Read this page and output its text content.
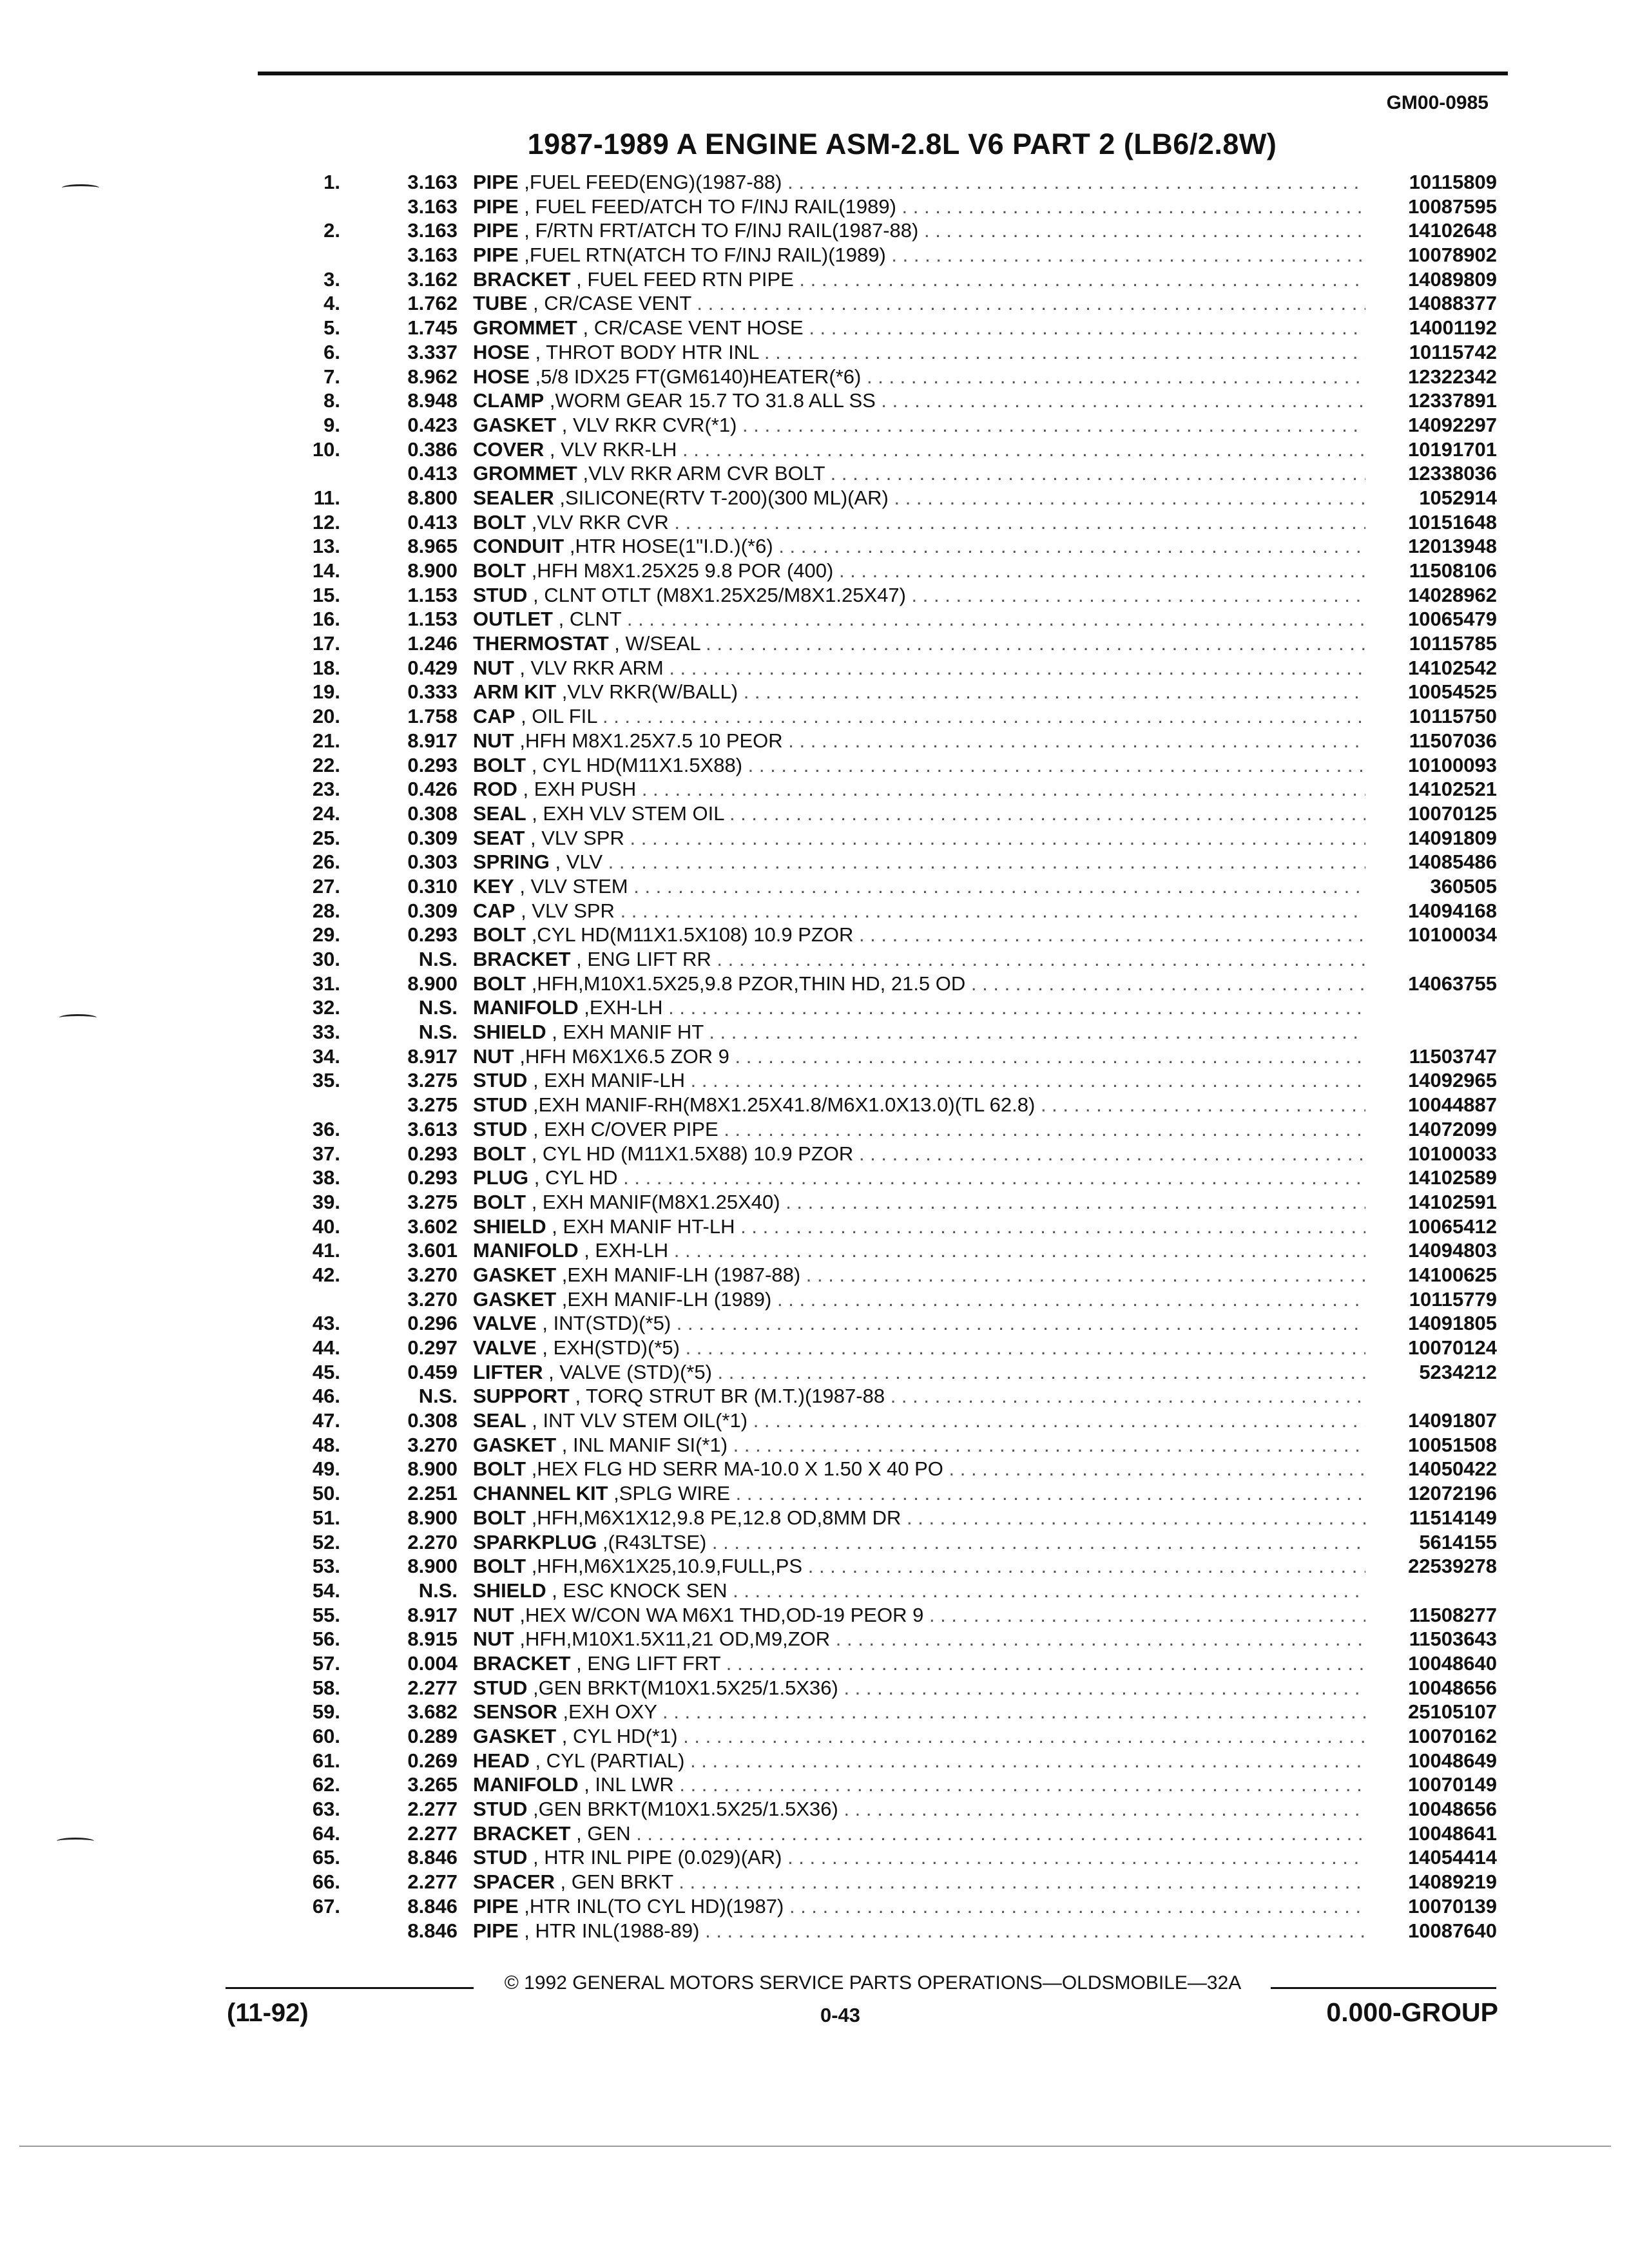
GM00-0985
1987-1989 A ENGINE ASM-2.8L V6 PART 2 (LB6/2.8W)
1.	3.163 PIPE ,FUEL FEED(ENG)(1987-88) . . .	10115809
3.163 PIPE , FUEL FEED/ATCH TO F/INJ RAIL(1989) . . .	10087595
2.	3.163 PIPE , F/RTN FRT/ATCH TO F/INJ RAIL(1987-88) . . .	14102648
3.163 PIPE ,FUEL RTN(ATCH TO F/INJ RAIL)(1989) . . .	10078902
3.	3.162 BRACKET , FUEL FEED RTN PIPE . . .	14089809
4.	1.762 TUBE , CR/CASE VENT . . .	14088377
5.	1.745 GROMMET , CR/CASE VENT HOSE . . .	14001192
6.	3.337 HOSE , THROT BODY HTR INL . . .	10115742
7.	8.962 HOSE ,5/8 IDX25 FT(GM6140)HEATER(*6) . . .	12322342
8.	8.948 CLAMP ,WORM GEAR 15.7 TO 31.8 ALL SS . . .	12337891
9.	0.423 GASKET , VLV RKR CVR(*1) . . .	14092297
10.	0.386 COVER , VLV RKR-LH . . .	10191701
0.413 GROMMET ,VLV RKR ARM CVR BOLT . . .	12338036
11.	8.800 SEALER ,SILICONE(RTV T-200)(300 ML)(AR) . . .	1052914
12.	0.413 BOLT ,VLV RKR CVR . . .	10151648
13.	8.965 CONDUIT ,HTR HOSE(1"I.D.)(*6) . . .	12013948
14.	8.900 BOLT ,HFH M8X1.25X25 9.8 POR (400) . . .	11508106
15.	1.153 STUD , CLNT OTLT (M8X1.25X25/M8X1.25X47) . . .	14028962
16.	1.153 OUTLET , CLNT . . .	10065479
17.	1.246 THERMOSTAT , W/SEAL . . .	10115785
18.	0.429 NUT , VLV RKR ARM . . .	14102542
19.	0.333 ARM KIT ,VLV RKR(W/BALL) . . .	10054525
20.	1.758 CAP , OIL FIL . . .	10115750
21.	8.917 NUT ,HFH M8X1.25X7.5 10 PEOR . . .	11507036
22.	0.293 BOLT , CYL HD(M11X1.5X88) . . .	10100093
23.	0.426 ROD , EXH PUSH . . .	14102521
24.	0.308 SEAL , EXH VLV STEM OIL . . .	10070125
25.	0.309 SEAT , VLV SPR . . .	14091809
26.	0.303 SPRING , VLV . . .	14085486
27.	0.310 KEY , VLV STEM . . .	360505
28.	0.309 CAP , VLV SPR . . .	14094168
29.	0.293 BOLT ,CYL HD(M11X1.5X108) 10.9 PZOR . . .	10100034
30.	N.S. BRACKET , ENG LIFT RR . . .
31.	8.900 BOLT ,HFH,M10X1.5X25,9.8 PZOR,THIN HD, 21.5 OD . . .	14063755
32.	N.S. MANIFOLD ,EXH-LH . . .
33.	N.S. SHIELD , EXH MANIF HT . . .
34.	8.917 NUT ,HFH M6X1X6.5 ZOR 9 . . .	11503747
35.	3.275 STUD , EXH MANIF-LH . . .	14092965
3.275 STUD ,EXH MANIF-RH(M8X1.25X41.8/M6X1.0X13.0)(TL 62.8) . . .	10044887
36.	3.613 STUD , EXH C/OVER PIPE . . .	14072099
37.	0.293 BOLT , CYL HD (M11X1.5X88) 10.9 PZOR . . .	10100033
38.	0.293 PLUG , CYL HD . . .	14102589
39.	3.275 BOLT , EXH MANIF(M8X1.25X40) . . .	14102591
40.	3.602 SHIELD , EXH MANIF HT-LH . . .	10065412
41.	3.601 MANIFOLD , EXH-LH . . .	14094803
42.	3.270 GASKET ,EXH MANIF-LH (1987-88) . . .	14100625
3.270 GASKET ,EXH MANIF-LH (1989) . . .	10115779
43.	0.296 VALVE , INT(STD)(*5) . . .	14091805
44.	0.297 VALVE , EXH(STD)(*5) . . .	10070124
45.	0.459 LIFTER , VALVE (STD)(*5) . . .	5234212
46.	N.S. SUPPORT , TORQ STRUT BR (M.T.)(1987-88 . . .
47.	0.308 SEAL , INT VLV STEM OIL(*1) . . .	14091807
48.	3.270 GASKET , INL MANIF SI(*1) . . .	10051508
49.	8.900 BOLT ,HEX FLG HD SERR MA-10.0 X 1.50 X 40 PO . . .	14050422
50.	2.251 CHANNEL KIT ,SPLG WIRE . . .	12072196
51.	8.900 BOLT ,HFH,M6X1X12,9.8 PE,12.8 OD,8MM DR . . .	11514149
52.	2.270 SPARKPLUG ,(R43LTSE) . . .	5614155
53.	8.900 BOLT ,HFH,M6X1X25,10.9,FULL,PS . . .	22539278
54.	N.S. SHIELD , ESC KNOCK SEN . . .
55.	8.917 NUT ,HEX W/CON WA M6X1 THD,OD-19 PEOR 9 . . .	11508277
56.	8.915 NUT ,HFH,M10X1.5X11,21 OD,M9,ZOR . . .	11503643
57.	0.004 BRACKET , ENG LIFT FRT . . .	10048640
58.	2.277 STUD ,GEN BRKT(M10X1.5X25/1.5X36) . . .	10048656
59.	3.682 SENSOR ,EXH OXY . . .	25105107
60.	0.289 GASKET , CYL HD(*1) . . .	10070162
61.	0.269 HEAD , CYL (PARTIAL) . . .	10048649
62.	3.265 MANIFOLD , INL LWR . . .	10070149
63.	2.277 STUD ,GEN BRKT(M10X1.5X25/1.5X36) . . .	10048656
64.	2.277 BRACKET , GEN . . .	10048641
65.	8.846 STUD , HTR INL PIPE (0.029)(AR) . . .	14054414
66.	2.277 SPACER , GEN BRKT . . .	14089219
67.	8.846 PIPE ,HTR INL(TO CYL HD)(1987) . . .	10070139
8.846 PIPE , HTR INL(1988-89) . . .	10087640
© 1992 GENERAL MOTORS SERVICE PARTS OPERATIONS—OLDSMOBILE—32A
(11-92)	0-43	0.000-GROUP
